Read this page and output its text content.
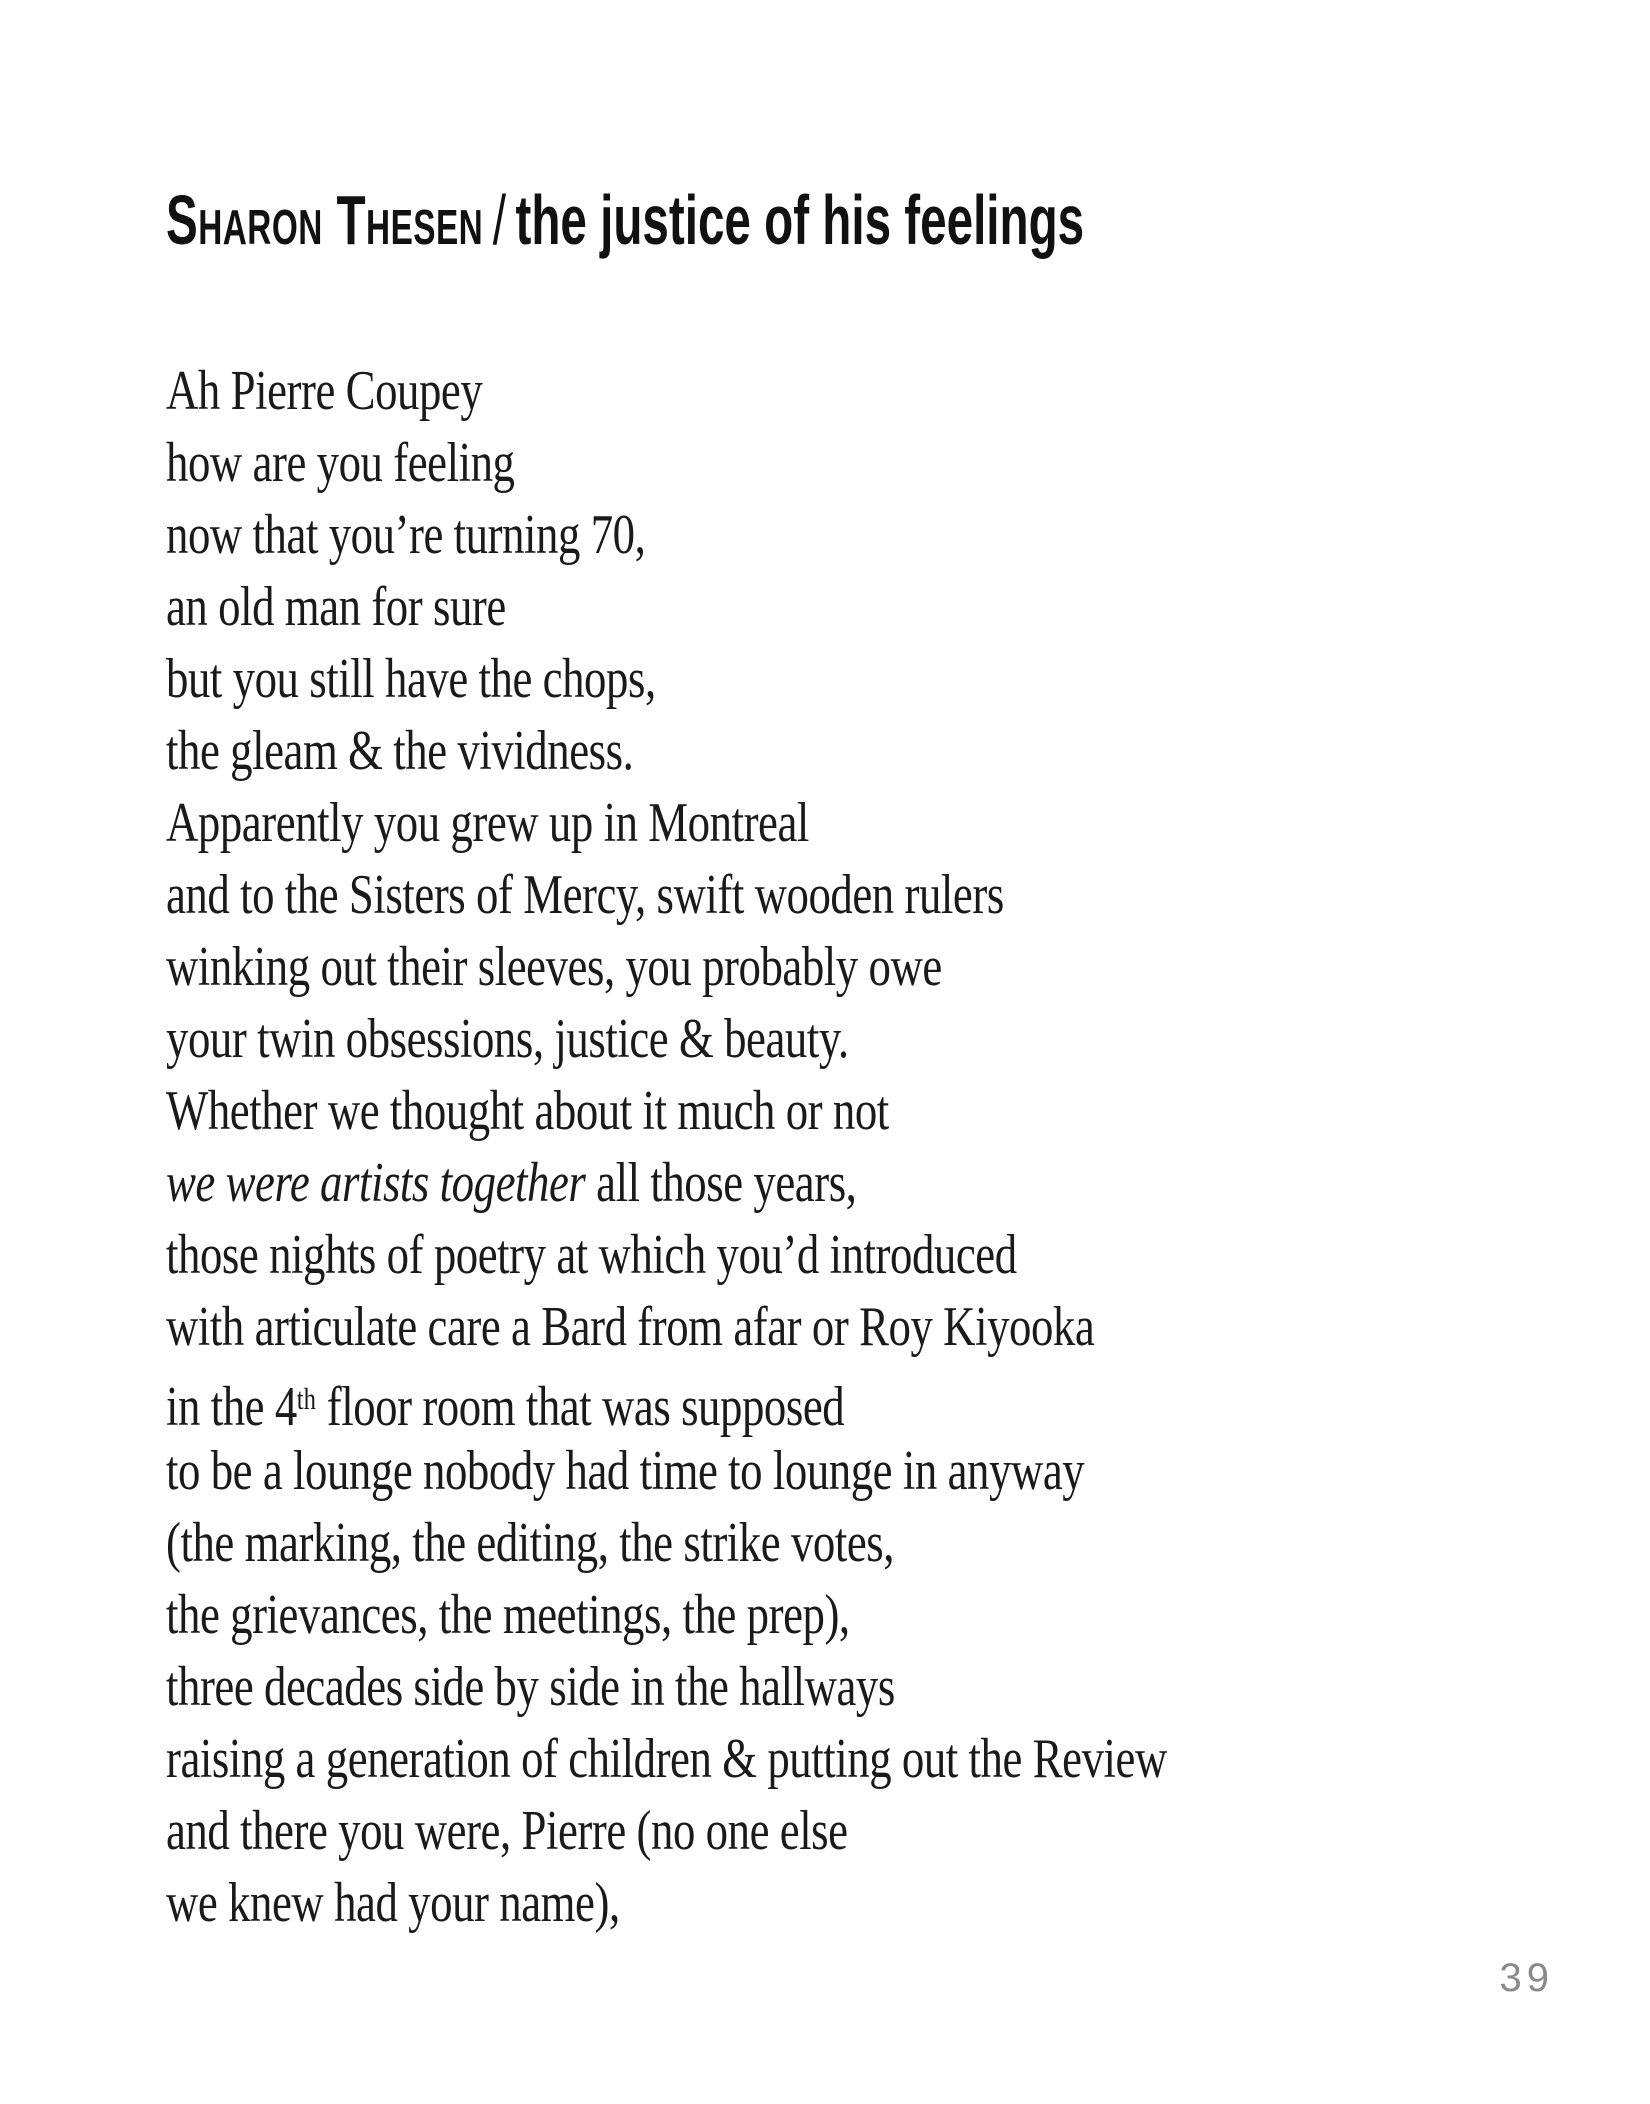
Sharon Thesen / the justice of his feelings
Ah Pierre Coupey
how are you feeling
now that you’re turning 70,
an old man for sure
but you still have the chops,
the gleam & the vividness.
Apparently you grew up in Montreal
and to the Sisters of Mercy, swift wooden rulers
winking out their sleeves, you probably owe
your twin obsessions, justice & beauty.
Whether we thought about it much or not
we were artists together all those years,
those nights of poetry at which you’d introduced
with articulate care a Bard from afar or Roy Kiyooka
in the 4th floor room that was supposed
to be a lounge nobody had time to lounge in anyway
(the marking, the editing, the strike votes,
the grievances, the meetings, the prep),
three decades side by side in the hallways
raising a generation of children & putting out the Review
and there you were, Pierre (no one else
we knew had your name),
39
